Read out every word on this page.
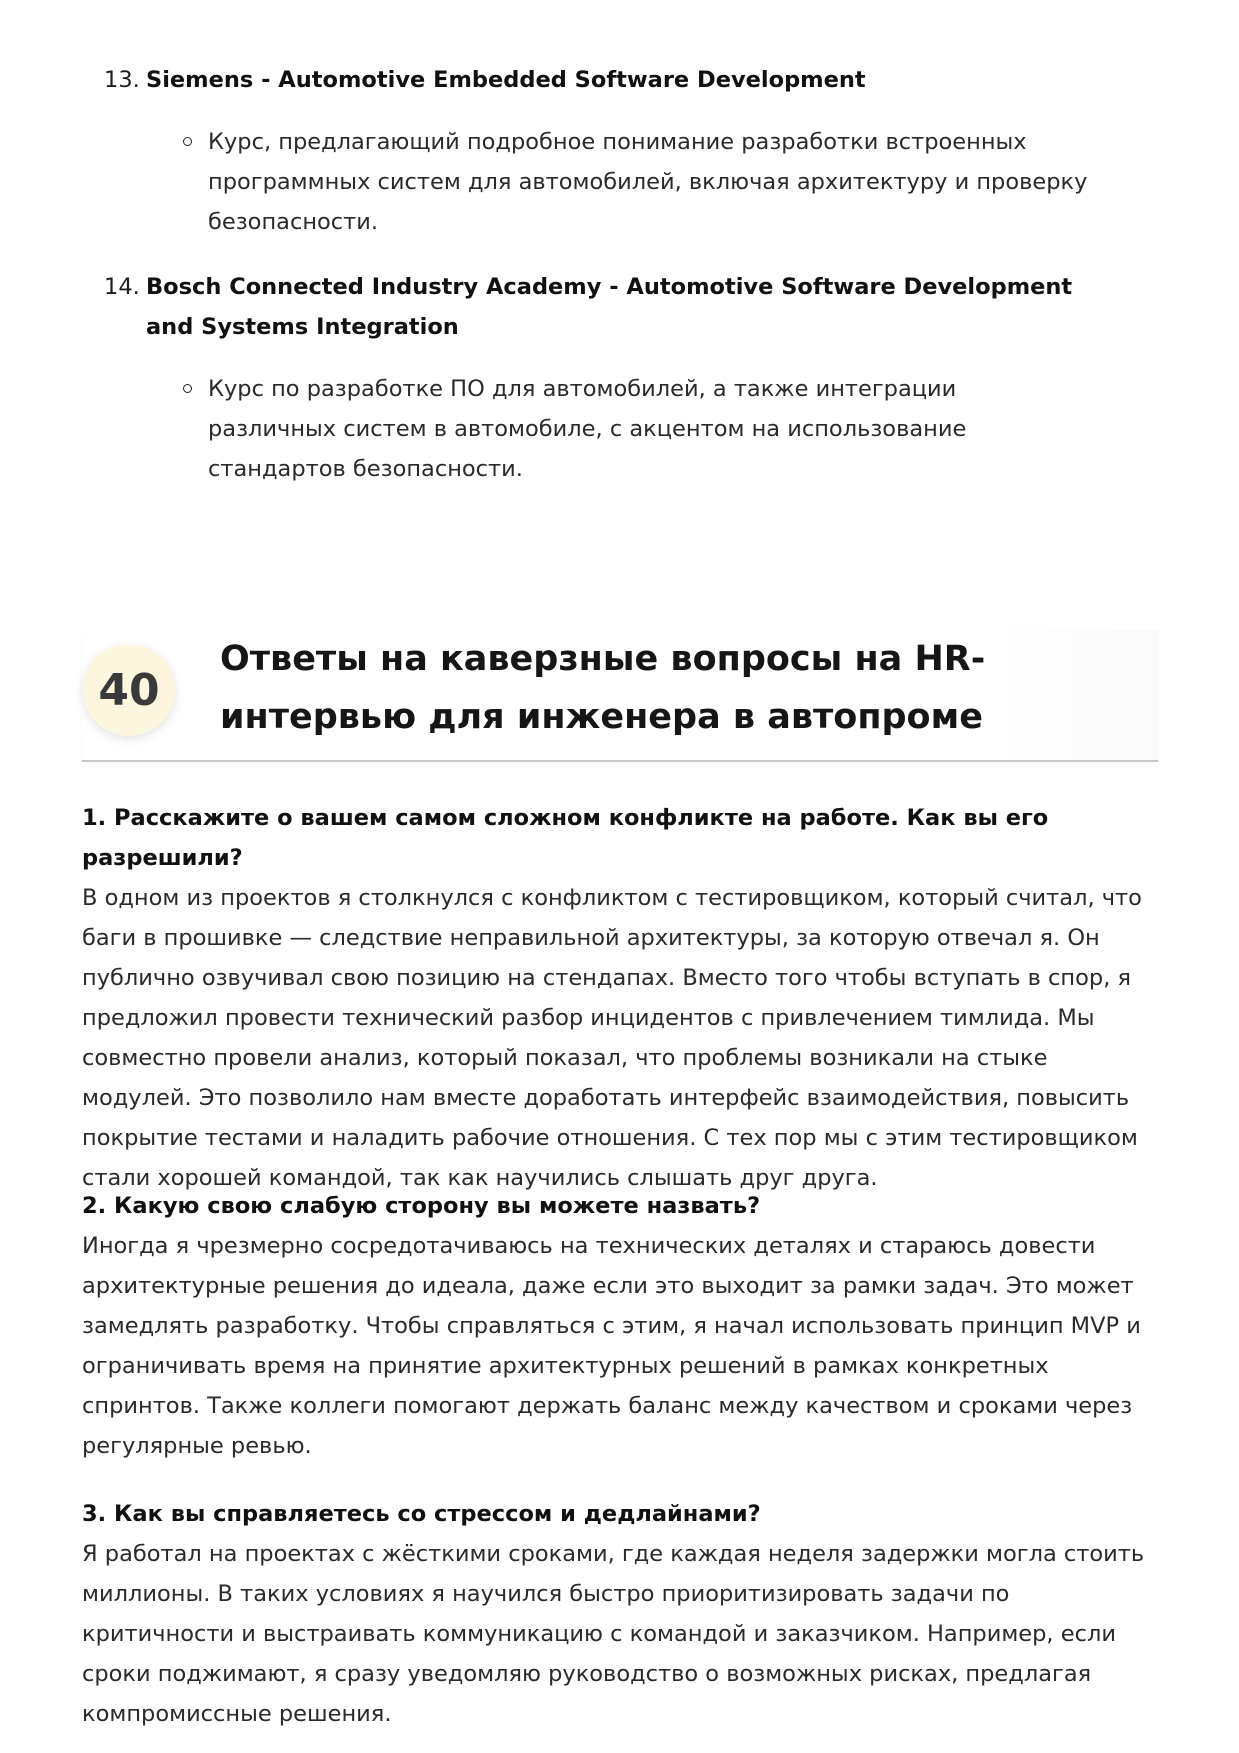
13. Siemens - Automotive Embedded Software Development

Курс, предлагающий подробное понимание разработки встроенных программных систем для автомобилей, включая архитектуру и проверку безопасности.

14. Bosch Connected Industry Academy - Automotive Software Development and Systems Integration

Курс по разработке ПО для автомобилей, а также интеграции различных систем в автомобиле, с акцентом на использование стандартов безопасности.

40
Ответы на каверзные вопросы на HR-интервью для инженера в автопроме

1. Расскажите о вашем самом сложном конфликте на работе. Как вы его разрешили?

В одном из проектов я столкнулся с конфликтом с тестировщиком, который считал, что баги в прошивке — следствие неправильной архитектуры, за которую отвечал я. Он публично озвучивал свою позицию на стендапах. Вместо того чтобы вступать в спор, я предложил провести технический разбор инцидентов с привлечением тимлида. Мы совместно провели анализ, который показал, что проблемы возникали на стыке модулей. Это позволило нам вместе доработать интерфейс взаимодействия, повысить покрытие тестами и наладить рабочие отношения. С тех пор мы с этим тестировщиком стали хорошей командой, так как научились слышать друг друга.

2. Какую свою слабую сторону вы можете назвать?

Иногда я чрезмерно сосредотачиваюсь на технических деталях и стараюсь довести архитектурные решения до идеала, даже если это выходит за рамки задач. Это может замедлять разработку. Чтобы справляться с этим, я начал использовать принцип MVP и ограничивать время на принятие архитектурных решений в рамках конкретных спринтов. Также коллеги помогают держать баланс между качеством и сроками через регулярные ревью.

3. Как вы справляетесь со стрессом и дедлайнами?

Я работал на проектах с жёсткими сроками, где каждая неделя задержки могла стоить миллионы. В таких условиях я научился быстро приоритизировать задачи по критичности и выстраивать коммуникацию с командой и заказчиком. Например, если сроки поджимают, я сразу уведомляю руководство о возможных рисках, предлагая компромиссные решения.
